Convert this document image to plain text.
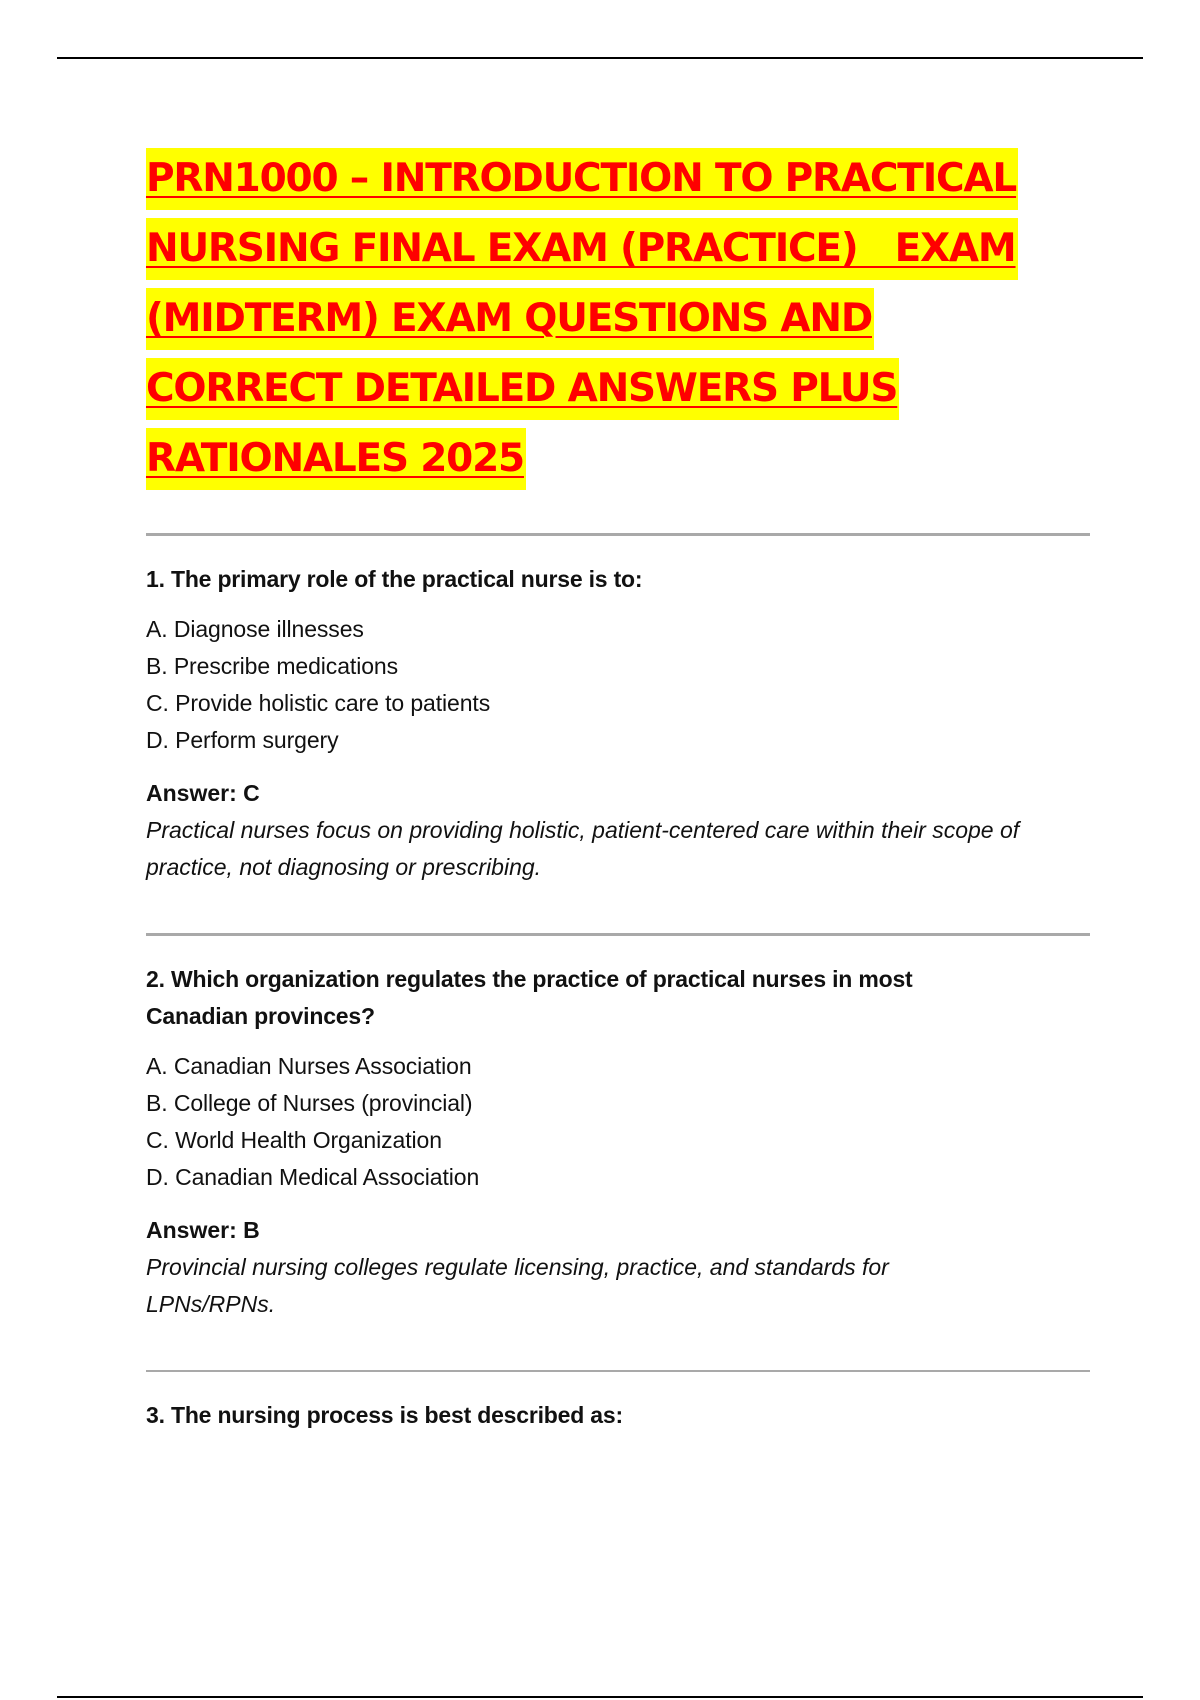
PRN1000 – INTRODUCTION TO PRACTICAL
NURSING FINAL EXAM (PRACTICE)   EXAM
(MIDTERM) EXAM QUESTIONS AND
CORRECT DETAILED ANSWERS PLUS
RATIONALES 2025

1. The primary role of the practical nurse is to:

A. Diagnose illnesses
B. Prescribe medications
C. Provide holistic care to patients
D. Perform surgery
Answer: C

Practical nurses focus on providing holistic, patient-centered care within their scope of practice, not diagnosing or prescribing.

2. Which organization regulates the practice of practical nurses in most Canadian provinces?

A. Canadian Nurses Association
B. College of Nurses (provincial)
C. World Health Organization
D. Canadian Medical Association
Answer: B

Provincial nursing colleges regulate licensing, practice, and standards for LPNs/RPNs.

3. The nursing process is best described as:
